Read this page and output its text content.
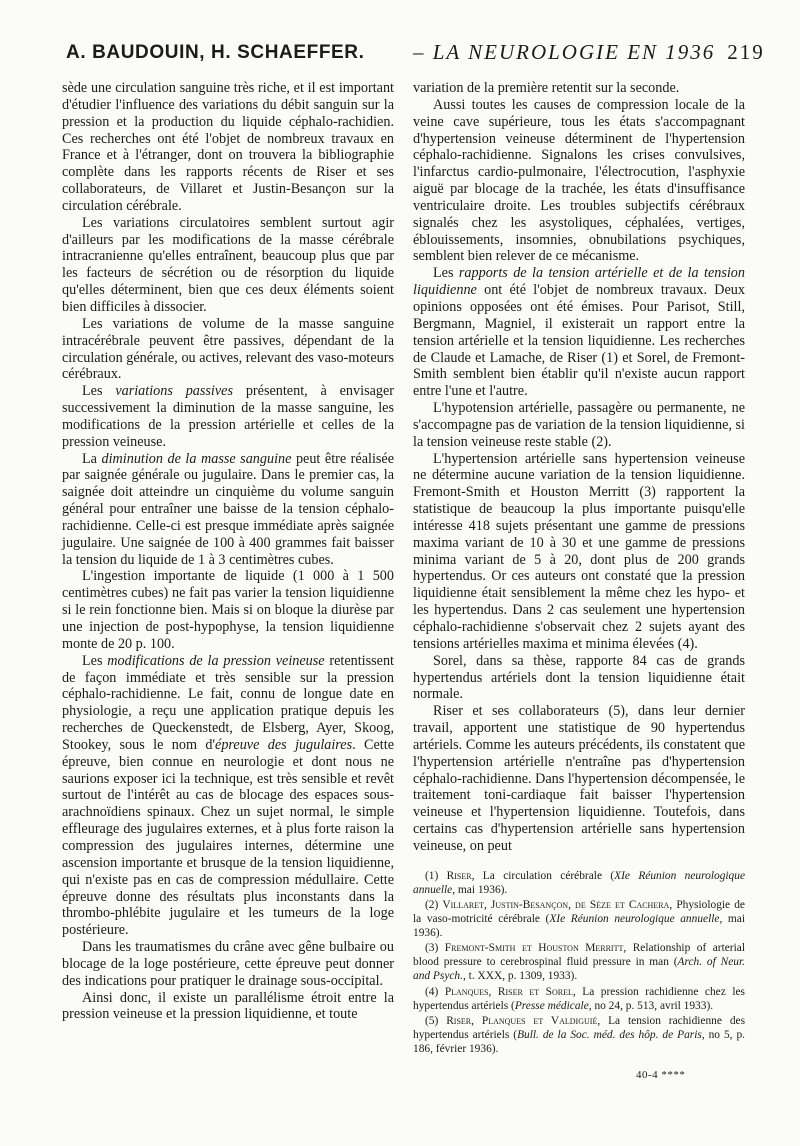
A. BAUDOUIN, H. SCHAEFFER. – LA NEUROLOGIE EN 1936 219

sède une circulation sanguine très riche, et il est important d'étudier l'influence des variations du débit sanguin sur la pression et la production du liquide céphalo-rachidien. Ces recherches ont été l'objet de nombreux travaux en France et à l'étranger, dont on trouvera la bibliographie complète dans les rapports récents de Riser et ses collaborateurs, de Villaret et Justin-Besançon sur la circulation cérébrale.

Les variations circulatoires semblent surtout agir d'ailleurs par les modifications de la masse cérébrale intracranienne qu'elles entraînent, beaucoup plus que par les facteurs de sécrétion ou de résorption du liquide qu'elles déterminent, bien que ces deux éléments soient bien difficiles à dissocier.

Les variations de volume de la masse sanguine intracérébrale peuvent être passives, dépendant de la circulation générale, ou actives, relevant des vaso-moteurs cérébraux.

Les variations passives présentent, à envisager successivement la diminution de la masse sanguine, les modifications de la pression artérielle et celles de la pression veineuse.

La diminution de la masse sanguine peut être réalisée par saignée générale ou jugulaire. Dans le premier cas, la saignée doit atteindre un cinquième du volume sanguin général pour entraîner une baisse de la tension céphalo-rachidienne. Celle-ci est presque immédiate après saignée jugulaire. Une saignée de 100 à 400 grammes fait baisser la tension du liquide de 1 à 3 centimètres cubes.

L'ingestion importante de liquide (1 000 à 1 500 centimètres cubes) ne fait pas varier la tension liquidienne si le rein fonctionne bien. Mais si on bloque la diurèse par une injection de post-hypophyse, la tension liquidienne monte de 20 p. 100.

Les modifications de la pression veineuse retentissent de façon immédiate et très sensible sur la pression céphalo-rachidienne. Le fait, connu de longue date en physiologie, a reçu une application pratique depuis les recherches de Queckenstedt, de Elsberg, Ayer, Skoog, Stookey, sous le nom d'épreuve des jugulaires. Cette épreuve, bien connue en neurologie et dont nous ne saurions exposer ici la technique, est très sensible et revêt surtout de l'intérêt au cas de blocage des espaces sous-arachnoïdiens spinaux. Chez un sujet normal, le simple effleurage des jugulaires externes, et à plus forte raison la compression des jugulaires internes, détermine une ascension importante et brusque de la tension liquidienne, qui n'existe pas en cas de compression médullaire. Cette épreuve donne des résultats plus inconstants dans la thrombo-phlébite jugulaire et les tumeurs de la loge postérieure.

Dans les traumatismes du crâne avec gêne bulbaire ou blocage de la loge postérieure, cette épreuve peut donner des indications pour pratiquer le drainage sous-occipital.

Ainsi donc, il existe un parallélisme étroit entre la pression veineuse et la pression liquidienne, et toute

variation de la première retentit sur la seconde.

Aussi toutes les causes de compression locale de la veine cave supérieure, tous les états s'accompagnant d'hypertension veineuse déterminent de l'hypertension céphalo-rachidienne. Signalons les crises convulsives, l'infarctus cardio-pulmonaire, l'électrocution, l'asphyxie aiguë par blocage de la trachée, les états d'insuffisance ventriculaire droite. Les troubles subjectifs cérébraux signalés chez les asystoliques, céphalées, vertiges, éblouissements, insomnies, obnubilations psychiques, semblent bien relever de ce mécanisme.

Les rapports de la tension artérielle et de la tension liquidienne ont été l'objet de nombreux travaux. Deux opinions opposées ont été émises. Pour Parisot, Still, Bergmann, Magniel, il existerait un rapport entre la tension artérielle et la tension liquidienne. Les recherches de Claude et Lamache, de Riser (1) et Sorel, de Fremont-Smith semblent bien établir qu'il n'existe aucun rapport entre l'une et l'autre.

L'hypotension artérielle, passagère ou permanente, ne s'accompagne pas de variation de la tension liquidienne, si la tension veineuse reste stable (2).

L'hypertension artérielle sans hypertension veineuse ne détermine aucune variation de la tension liquidienne. Fremont-Smith et Houston Merritt (3) rapportent la statistique de beaucoup la plus importante puisqu'elle intéresse 418 sujets présentant une gamme de pressions maxima variant de 10 à 30 et une gamme de pressions minima variant de 5 à 20, dont plus de 200 grands hypertendus. Or ces auteurs ont constaté que la pression liquidienne était sensiblement la même chez les hypo- et les hypertendus. Dans 2 cas seulement une hypertension céphalo-rachidienne s'observait chez 2 sujets ayant des tensions artérielles maxima et minima élevées (4).

Sorel, dans sa thèse, rapporte 84 cas de grands hypertendus artériels dont la tension liquidienne était normale.

Riser et ses collaborateurs (5), dans leur dernier travail, apportent une statistique de 90 hypertendus artériels. Comme les auteurs précédents, ils constatent que l'hypertension artérielle n'entraîne pas d'hypertension céphalo-rachidienne. Dans l'hypertension décompensée, le traitement toni-cardiaque fait baisser l'hypertension veineuse et l'hypertension liquidienne. Toutefois, dans certains cas d'hypertension artérielle sans hypertension veineuse, on peut

(1) Riser, La circulation cérébrale (XIe Réunion neurologique annuelle, mai 1936).

(2) Villaret, Justin-Besançon, de Sèze et Cachera, Physiologie de la vaso-motricité cérébrale (XIe Réunion neurologique annuelle, mai 1936).

(3) Fremont-Smith et Houston Merritt, Relationship of arterial blood pressure to cerebrospinal fluid pressure in man (Arch. of Neur. and Psych., t. XXX, p. 1309, 1933).

(4) Planques, Riser et Sorel, La pression rachidienne chez les hypertendus artériels (Presse médicale, no 24, p. 513, avril 1933).

(5) Riser, Planques et Valdiguié, La tension rachidienne des hypertendus artériels (Bull. de la Soc. méd. des hôp. de Paris, no 5, p. 186, février 1936).

40-4 ****
